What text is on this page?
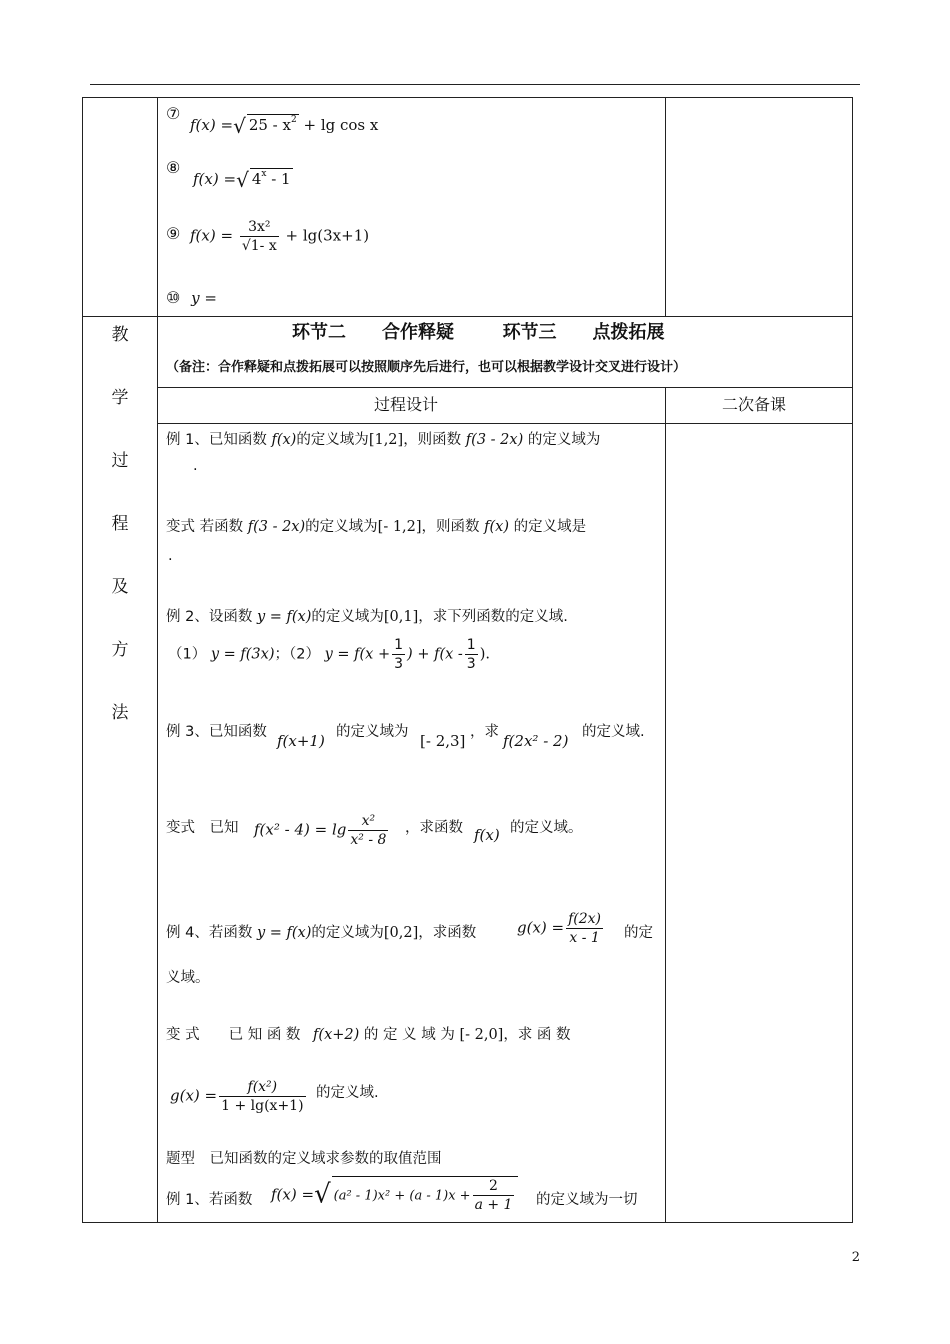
⑦
f(x) =√ $25 - x^2 + \lg \cos x$
⑧
f(x) =√ 4$^x$ - 1
⑨ $f(x) = \frac{\text{3x²}}{√1- x} + \lg(3x+1)$
⑩ y =
教
学
过
程
及
方
法
环节二　　合作释疑	环节三　　点拨拓展
（备注：合作释疑和点拨拓展可以按照顺序先后进行，也可以根据教学设计交叉进行设计）
过程设计	二次备课
例 1、已知函数 f(x)的定义域为[1,2]，则函数 f(3 - 2x) 的定义域为
.
变式 若函数 f(3 - 2x)的定义域为[- 1,2]，则函数 f(x) 的定义域是
.
例 2、设函数 y = f(x)的定义域为[0,1]，求下列函数的定义域.
（1） y = f(3x)；（2） $y = f(x + \frac{1}{3}$ ) + $f(x - \frac{1}{3}$ ).
例 3、已知函数 f(x+1) 的定义域为 [- 2,3] ，求 f(2x² - 2) 的定义域.
变式　已知 $f(x^2 - 4) = \lg \frac{\text{x²}}{\text{x² - 8}}$ ，求函数 f(x) 的定义域。
例 4、若函数 y = f(x)的定义域为[0,2]，求函数	$g(x) = \frac{f(2x)}{x - 1}$ 的定
义域。
变 式　　已 知 函 数 f(x+2) 的 定 义 域 为 [- 2,0]，求 函 数
$g(x) = \frac{\text{f(x²)}}{1 + \lg(x+1)}$ 的定义域.
题型　已知函数的定义域求参数的取值范围
例 1、若函数 f(x) =√ $(a^2 - 1)x^2 + (a - 1)x + \frac{2}{a + 1}$ 的定义域为一切
2
